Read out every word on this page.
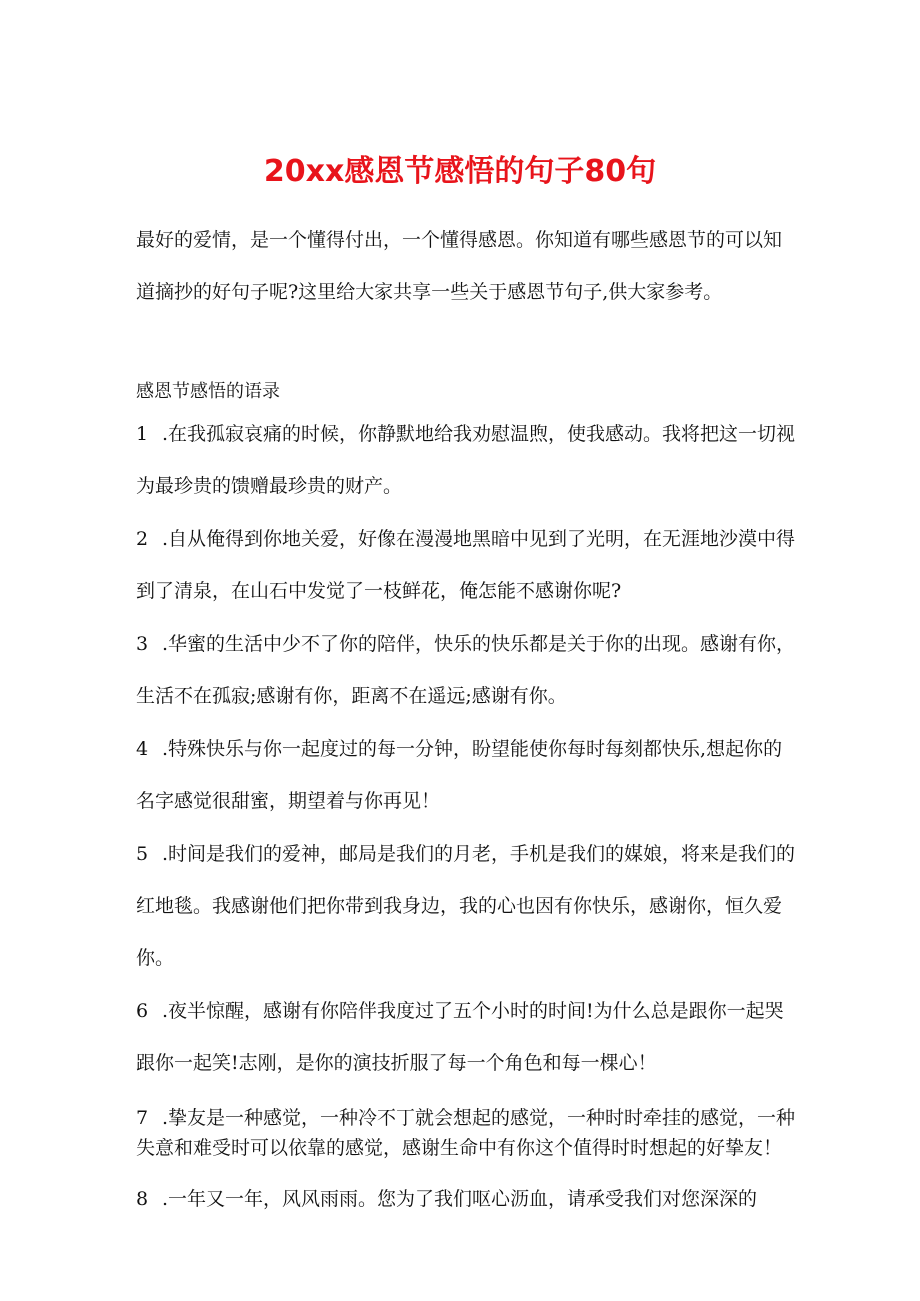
20xx感恩节感悟的句子80句

最好的爱情，是一个懂得付出，一个懂得感恩。你知道有哪些感恩节的可以知道摘抄的好句子呢?这里给大家共享一些关于感恩节句子,供大家参考。

感恩节感悟的语录

1 .在我孤寂哀痛的时候，你静默地给我劝慰温煦，使我感动。我将把这一切视为最珍贵的馈赠最珍贵的财产。

2 .自从俺得到你地关爱，好像在漫漫地黑暗中见到了光明，在无涯地沙漠中得到了清泉，在山石中发觉了一枝鲜花，俺怎能不感谢你呢?

3 .华蜜的生活中少不了你的陪伴，快乐的快乐都是关于你的出现。感谢有你，生活不在孤寂;感谢有你，距离不在遥远;感谢有你。

4 .特殊快乐与你一起度过的每一分钟，盼望能使你每时每刻都快乐,想起你的名字感觉很甜蜜，期望着与你再见！

5 .时间是我们的爱神，邮局是我们的月老，手机是我们的媒娘，将来是我们的红地毯。我感谢他们把你带到我身边，我的心也因有你快乐，感谢你，恒久爱你。

6 .夜半惊醒，感谢有你陪伴我度过了五个小时的时间!为什么总是跟你一起哭跟你一起笑!志刚，是你的演技折服了每一个角色和每一棵心！

7 .挚友是一种感觉，一种冷不丁就会想起的感觉，一种时时牵挂的感觉，一种失意和难受时可以依靠的感觉，感谢生命中有你这个值得时时想起的好挚友！

8 .一年又一年，风风雨雨。您为了我们呕心沥血，请承受我们对您深深的
